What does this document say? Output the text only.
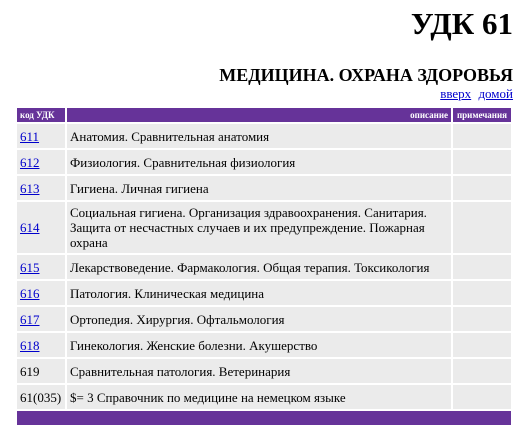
УДК 61
МЕДИЦИНА. ОХРАНА ЗДОРОВЬЯ
вверх домой
код УДК	описание	примечания
611	Анатомия. Сравнительная анатомия	
612	Физиология. Сравнительная физиология	
613	Гигиена. Личная гигиена	
614	Социальная гигиена. Организация здравоохранения. Санитария. Защита от несчастных случаев и их предупреждение. Пожарная охрана	
615	Лекарствоведение. Фармакология. Общая терапия. Токсикология	
616	Патология. Клиническая медицина	
617	Ортопедия. Хирургия. Офтальмология	
618	Гинекология. Женские болезни. Акушерство	
619	Сравнительная патология. Ветеринария	
61(035)	$= 3 Справочник по медицине на немецком языке	
